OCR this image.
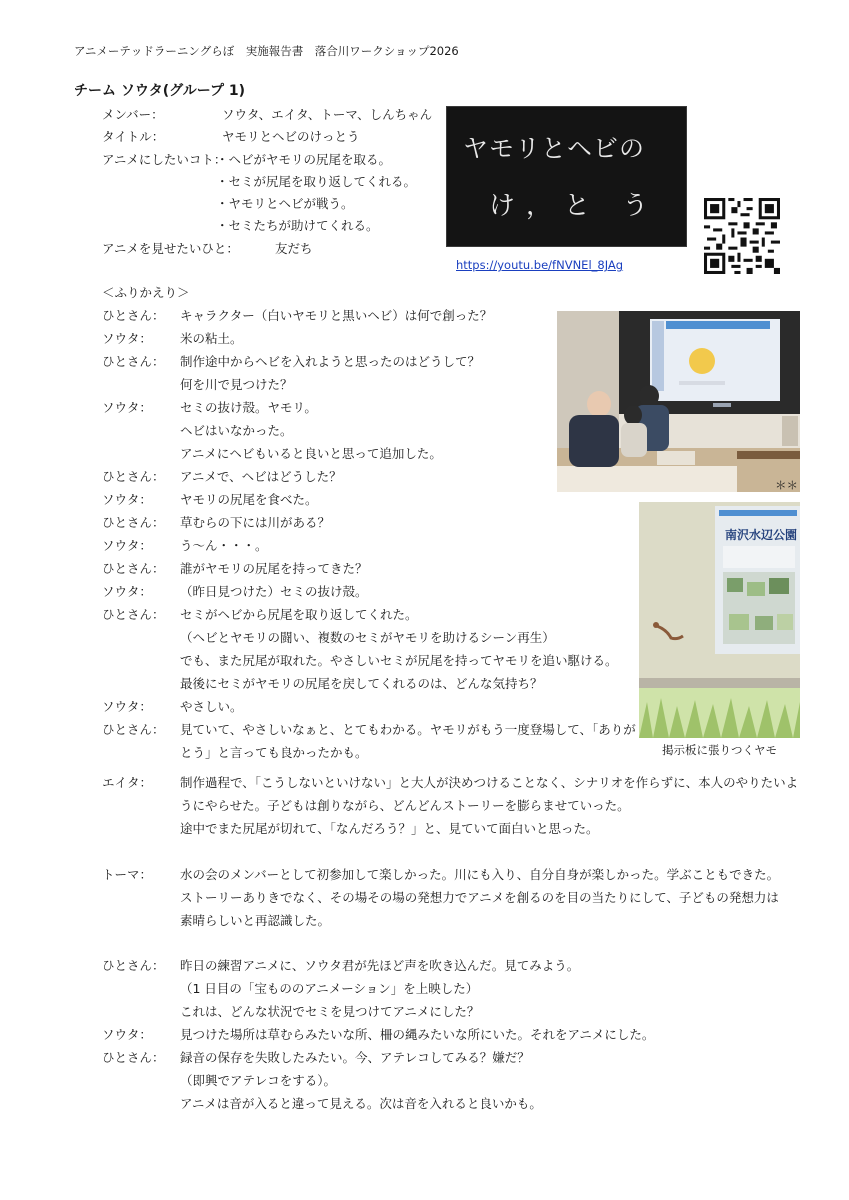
アニメーテッドラーニングらぼ　実施報告書　落合川ワークショップ2026
チーム ソウタ(グループ 1)
メンバー：	ソウタ、エイタ、トーマ、しんちゃん
タイトル：	ヤモリとヘビのけっとう
アニメにしたいコト：
・ヘビがヤモリの尻尾を取る。
・セミが尻尾を取り返してくれる。
・ヤモリとヘビが戦う。
・セミたちが助けてくれる。
アニメを見せたいひと：	友だち
ヤモリとヘビの
け，と う
https://youtu.be/fNVNEl_8JAg
＜ふりかえり＞
ひとさん： キャラクター（白いヤモリと黒いヘビ）は何で創った？
ソウタ： 米の粘土。
ひとさん： 制作途中からヘビを入れようと思ったのはどうして？
何を川で見つけた？
ソウタ： セミの抜け殻。ヤモリ。
ヘビはいなかった。
アニメにヘビもいると良いと思って追加した。
ひとさん： アニメで、ヘビはどうした？
ソウタ： ヤモリの尻尾を食べた。
ひとさん： 草むらの下には川がある？
ソウタ： う〜ん・・・。
ひとさん： 誰がヤモリの尻尾を持ってきた？
ソウタ： （昨日見つけた）セミの抜け殻。
ひとさん： セミがヘビから尻尾を取り返してくれた。
（ヘビとヤモリの闘い、複数のセミがヤモリを助けるシーン再生）
でも、また尻尾が取れた。やさしいセミが尻尾を持ってヤモリを追い駆ける。
最後にセミがヤモリの尻尾を戻してくれるのは、どんな気持ち？
ソウタ： やさしい。
ひとさん： 見ていて、やさしいなぁと、とてもわかる。ヤモリがもう一度登場して、「ありが
とう」と言っても良かったかも。
＊＊
南沢水辺公園
掲示板に張りつくヤモ
エイタ： 制作過程で、「こうしないといけない」と大人が決めつけることなく、シナリオを作らずに、本人のやりたいよ
うにやらせた。子どもは創りながら、どんどんストーリーを膨らませていった。
途中でまた尻尾が切れて、「なんだろう？」と、見ていて面白いと思った。
トーマ： 水の会のメンバーとして初参加して楽しかった。川にも入り、自分自身が楽しかった。学ぶこともできた。
ストーリーありきでなく、その場その場の発想力でアニメを創るのを目の当たりにして、子どもの発想力は
素晴らしいと再認識した。
ひとさん： 昨日の練習アニメに、ソウタ君が先ほど声を吹き込んだ。見てみよう。
（1 日目の「宝もののアニメーション」を上映した）
これは、どんな状況でセミを見つけてアニメにした？
ソウタ： 見つけた場所は草むらみたいな所、柵の縄みたいな所にいた。それをアニメにした。
ひとさん： 録音の保存を失敗したみたい。今、アテレコしてみる？嫌だ？
（即興でアテレコをする）。
アニメは音が入ると違って見える。次は音を入れると良いかも。
